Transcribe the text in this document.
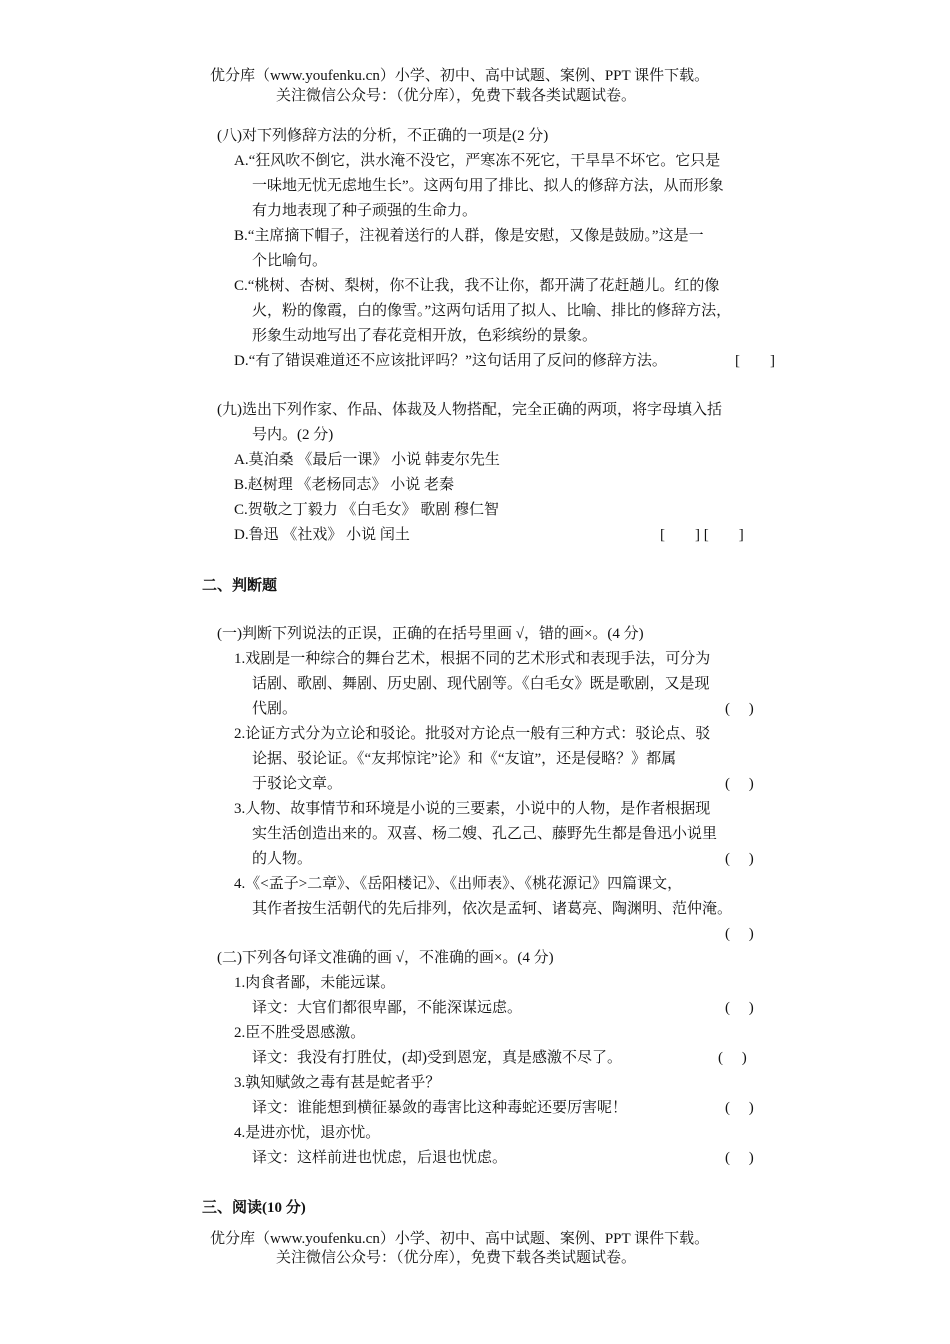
优分库（www.youfenku.cn）小学、初中、高中试题、案例、PPT 课件下载。
关注微信公众号：（优分库），免费下载各类试题试卷。
(八)对下列修辞方法的分析，不正确的一项是(2 分)
A.“狂风吹不倒它，洪水淹不没它，严寒冻不死它，干旱旱不坏它。它只是
一味地无忧无虑地生长”。这两句用了排比、拟人的修辞方法，从而形象
有力地表现了种子顽强的生命力。
B.“主席摘下帽子，注视着送行的人群，像是安慰，又像是鼓励。”这是一
个比喻句。
C.“桃树、杏树、梨树，你不让我，我不让你，都开满了花赶趟儿。红的像
火，粉的像霞，白的像雪。”这两句话用了拟人、比喻、排比的修辞方法，
形象生动地写出了春花竞相开放，色彩缤纷的景象。
D.“有了错误难道还不应该批评吗？”这句话用了反问的修辞方法。	[　　]
(九)选出下列作家、作品、体裁及人物搭配，完全正确的两项，将字母填入括
号内。(2 分)
A.莫泊桑 《最后一课》 小说 韩麦尔先生
B.赵树理 《老杨同志》 小说 老秦
C.贺敬之丁毅力 《白毛女》 歌剧 穆仁智
D.鲁迅 《社戏》 小说 闰土	[　　] [　　]
二、判断题
(一)判断下列说法的正误，正确的在括号里画 √，错的画×。(4 分)
1.戏剧是一种综合的舞台艺术，根据不同的艺术形式和表现手法，可分为
话剧、歌剧、舞剧、历史剧、现代剧等。《白毛女》既是歌剧，又是现
代剧。	(　 )
2.论证方式分为立论和驳论。批驳对方论点一般有三种方式：驳论点、驳
论据、驳论证。《“友邦惊诧”论》和《“友谊”，还是侵略？》都属
于驳论文章。	(　 )
3.人物、故事情节和环境是小说的三要素，小说中的人物，是作者根据现
实生活创造出来的。双喜、杨二嫂、孔乙己、藤野先生都是鲁迅小说里
的人物。	(　 )
4.《<孟子>二章》、《岳阳楼记》、《出师表》、《桃花源记》四篇课文，
其作者按生活朝代的先后排列，依次是孟轲、诸葛亮、陶渊明、范仲淹。
(　 )
(二)下列各句译文准确的画 √，不准确的画×。(4 分)
1.肉食者鄙，未能远谋。
译文：大官们都很卑鄙，不能深谋远虑。	(　 )
2.臣不胜受恩感激。
译文：我没有打胜仗，(却)受到恩宠，真是感激不尽了。	(　 )
3.孰知赋敛之毒有甚是蛇者乎？
译文：谁能想到横征暴敛的毒害比这种毒蛇还要厉害呢！	(　 )
4.是进亦忧，退亦忧。
译文：这样前进也忧虑，后退也忧虑。	(　 )
三、阅读(10 分)
优分库（www.youfenku.cn）小学、初中、高中试题、案例、PPT 课件下载。
关注微信公众号：（优分库），免费下载各类试题试卷。
